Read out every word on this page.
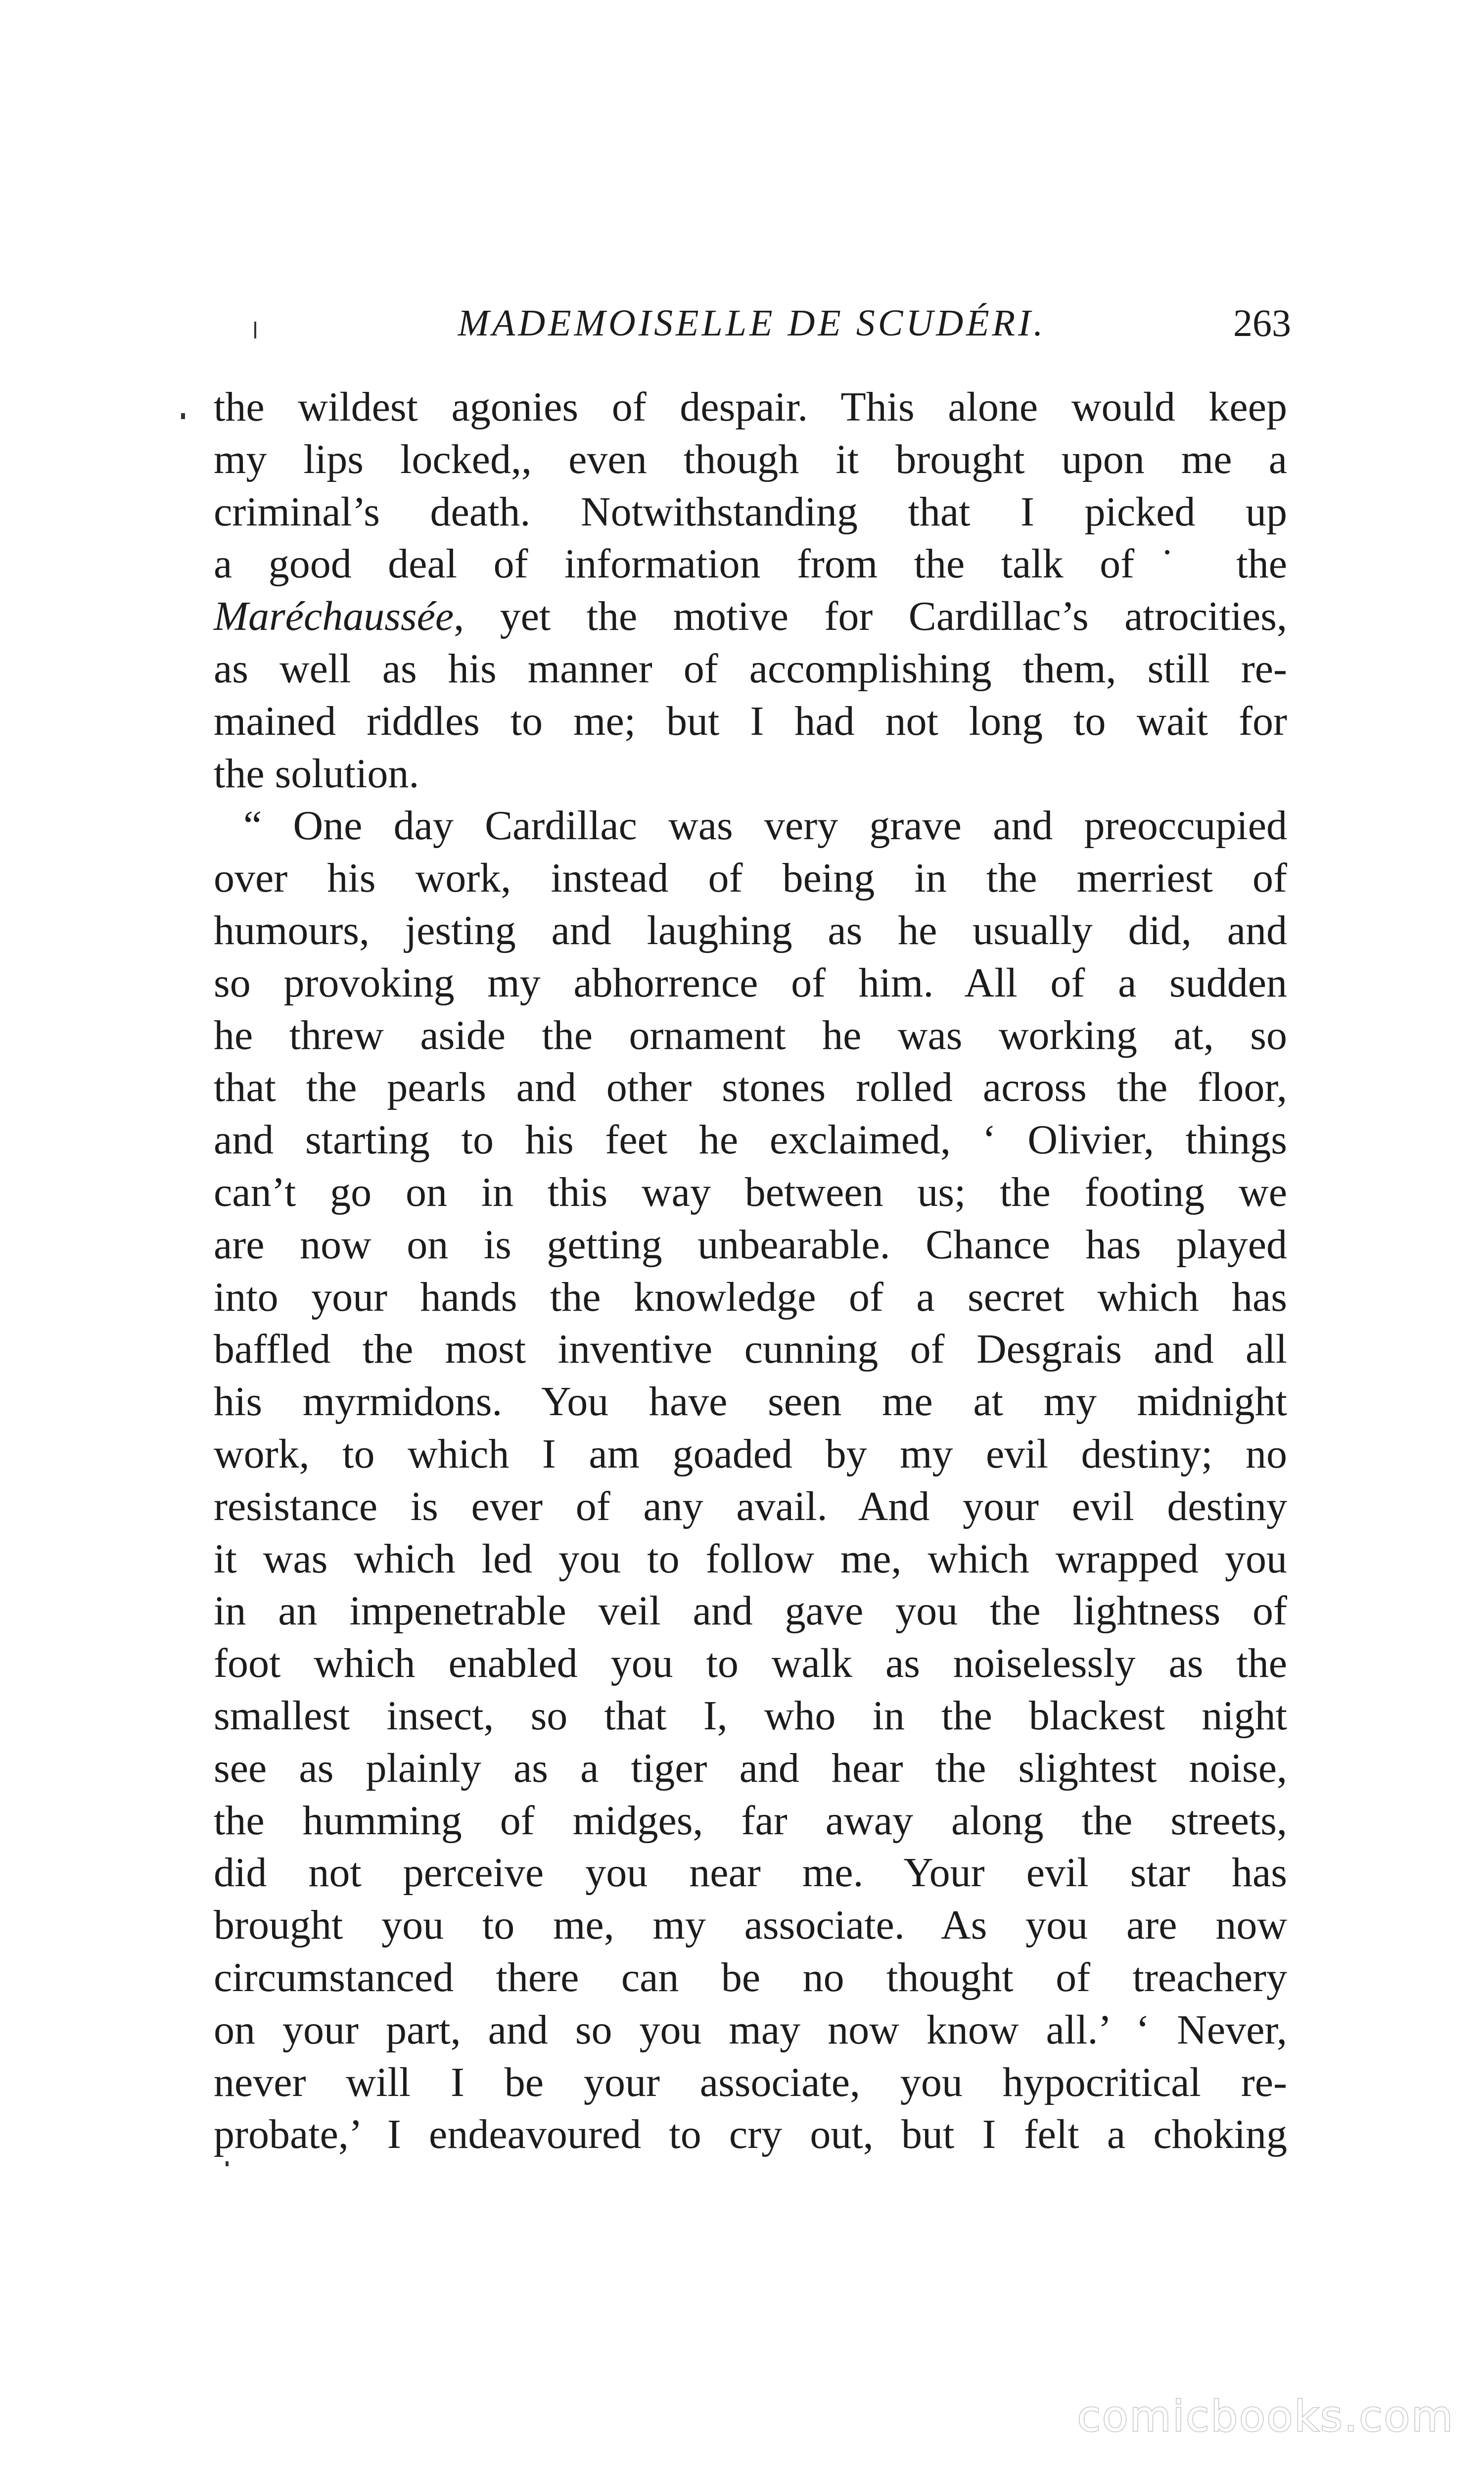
MADEMOISELLE DE SCUDÉRI.	263
the wildest agonies of despair. This alone would keep
my lips locked,, even though it brought upon me a
criminal’s death. Notwithstanding that I picked up
a good deal of information from the talk of˙ the
Maréchaussée, yet the motive for Cardillac’s atrocities,
as well as his manner of accomplishing them, still re-
mained riddles to me; but I had not long to wait for
the solution.
“ One day Cardillac was very grave and preoccupied
over his work, instead of being in the merriest of
humours, jesting and laughing as he usually did, and
so provoking my abhorrence of him. All of a sudden
he threw aside the ornament he was working at, so
that the pearls and other stones rolled across the floor,
and starting to his feet he exclaimed, ‘ Olivier, things
can’t go on in this way between us; the footing we
are now on is getting unbearable. Chance has played
into your hands the knowledge of a secret which has
baffled the most inventive cunning of Desgrais and all
his myrmidons. You have seen me at my midnight
work, to which I am goaded by my evil destiny; no
resistance is ever of any avail. And your evil destiny
it was which led you to follow me, which wrapped you
in an impenetrable veil and gave you the lightness of
foot which enabled you to walk as noiselessly as the
smallest insect, so that I, who in the blackest night
see as plainly as a tiger and hear the slightest noise,
the humming of midges, far away along the streets,
did not perceive you near me. Your evil star has
brought you to me, my associate. As you are now
circumstanced there can be no thought of treachery
on your part, and so you may now know all.’ ‘ Never,
never will I be your associate, you hypocritical re-
probate,’ I endeavoured to cry out, but I felt a choking
comicbooks.com
